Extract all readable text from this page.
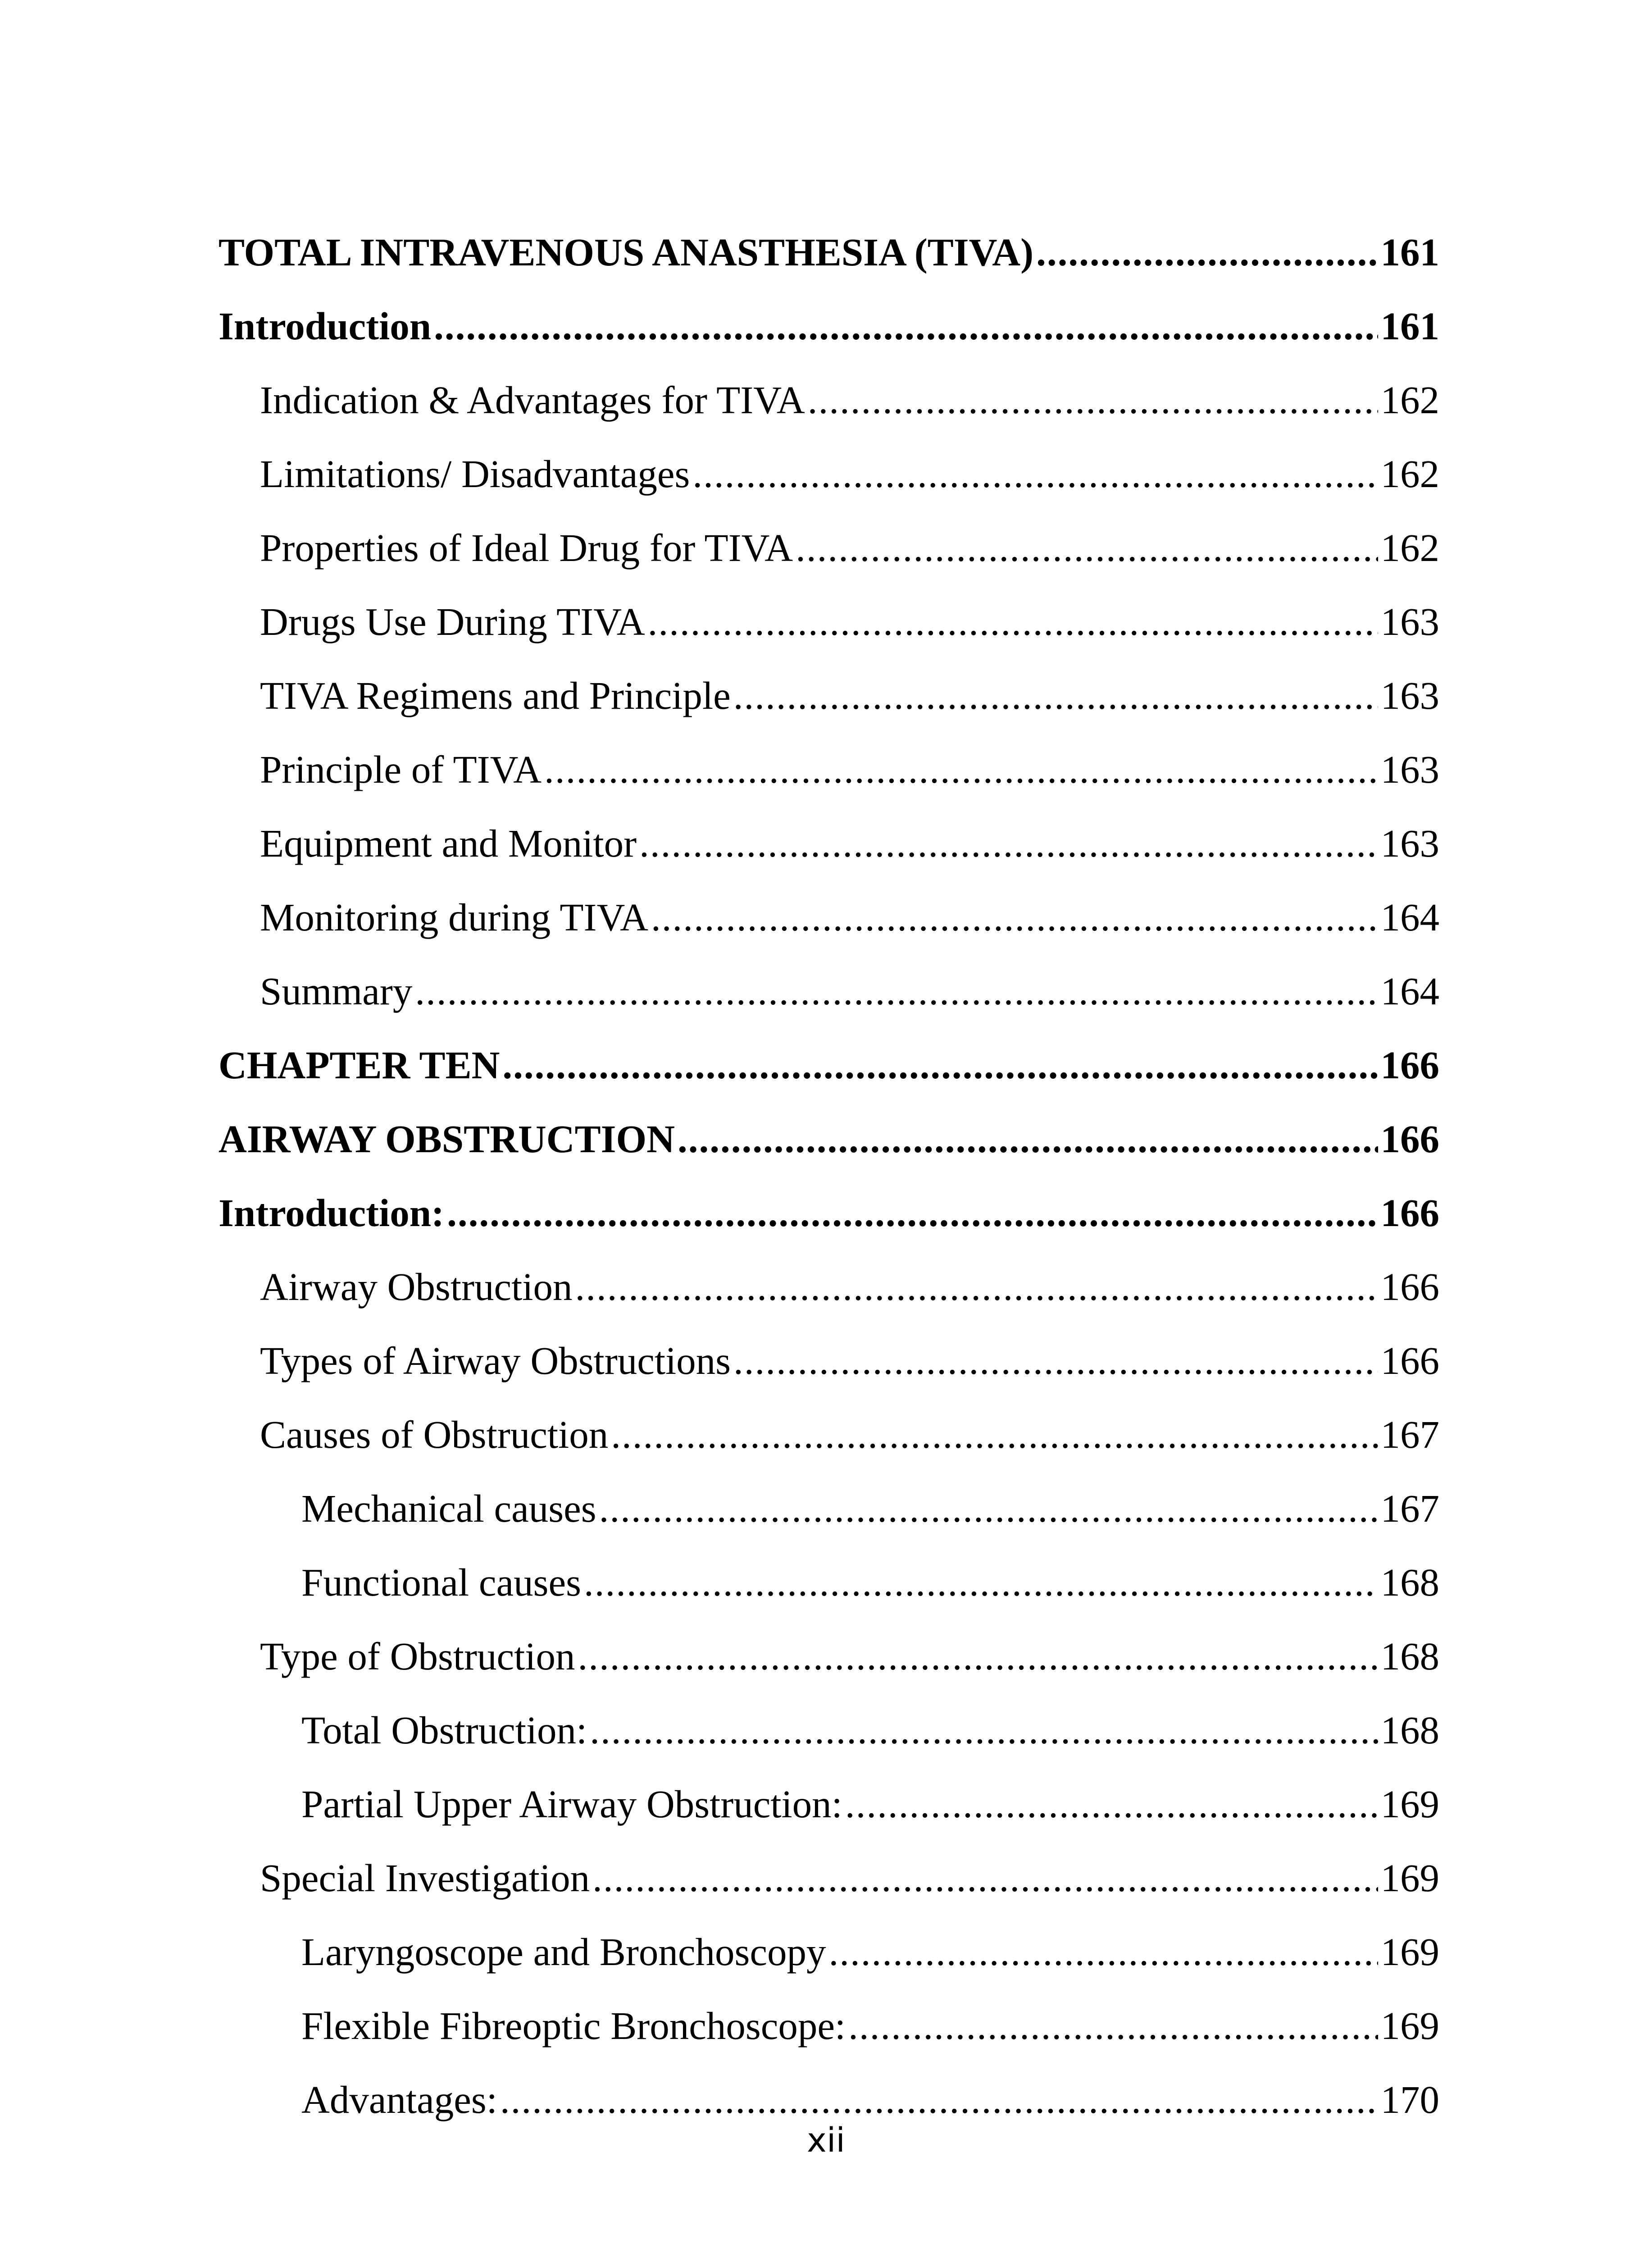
TOTAL INTRAVENOUS ANASTHESIA (TIVA) .....	161
Introduction .....	161
Indication & Advantages for TIVA .....	162
Limitations/ Disadvantages .....	162
Properties of Ideal Drug for TIVA .....	162
Drugs Use During TIVA .....	163
TIVA Regimens and Principle .....	163
Principle of TIVA .....	163
Equipment and Monitor .....	163
Monitoring during TIVA .....	164
Summary .....	164
CHAPTER TEN .....	166
AIRWAY OBSTRUCTION .....	166
Introduction: .....	166
Airway Obstruction .....	166
Types of Airway Obstructions .....	166
Causes of Obstruction .....	167
Mechanical causes .....	167
Functional causes .....	168
Type of Obstruction .....	168
Total Obstruction: .....	168
Partial Upper Airway Obstruction: .....	169
Special Investigation .....	169
Laryngoscope and Bronchoscopy .....	169
Flexible Fibreoptic Bronchoscope: .....	169
Advantages: .....	170
xii
